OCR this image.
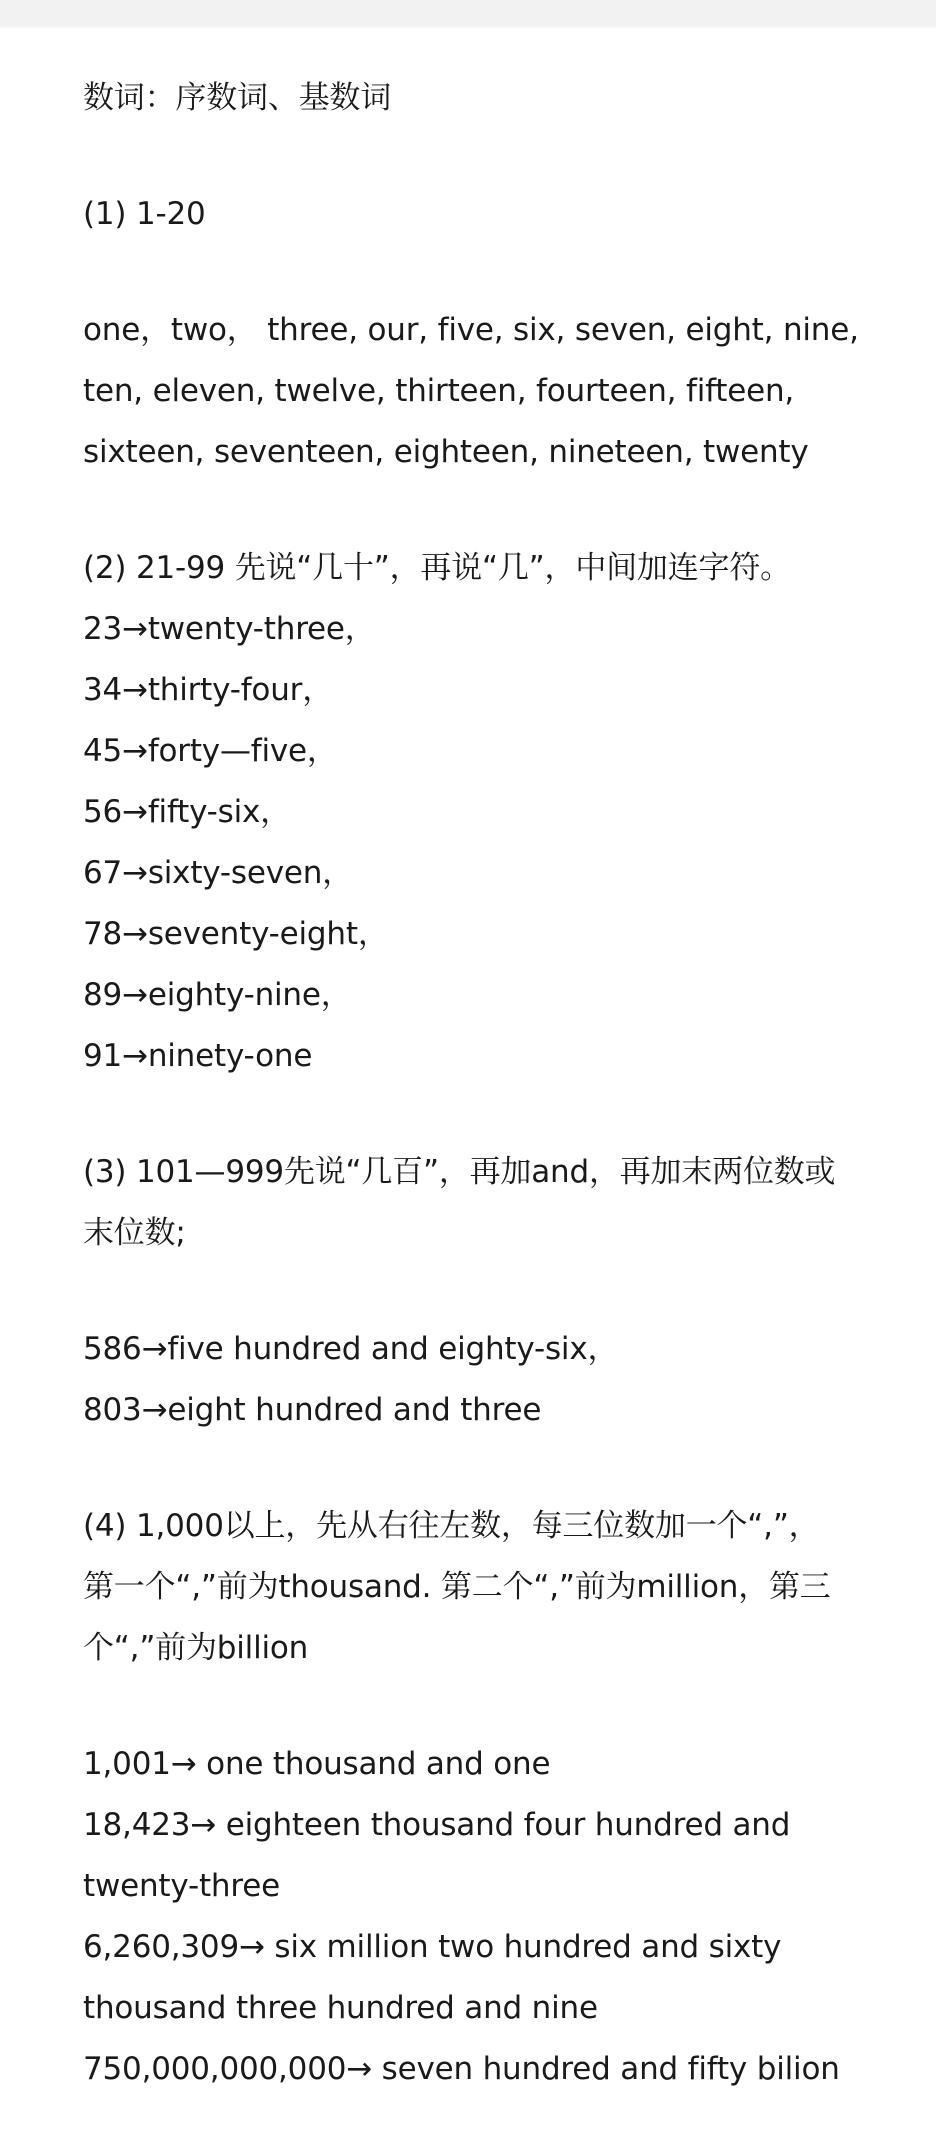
数词：序数词、基数词
(1) 1-20
one，two， three, our, five, six, seven, eight, nine,
ten, eleven, twelve, thirteen, fourteen, fifteen,
sixteen, seventeen, eighteen, nineteen, twenty
(2) 21-99 先说“几十”，再说“几”，中间加连字符。
23→twenty-three，
34→thirty-four，
45→forty—five，
56→fifty-six，
67→sixty-seven，
78→seventy-eight，
89→eighty-nine，
91→ninety-one
(3) 101—999先说“几百”，再加and，再加末两位数或
末位数;
586→five hundred and eighty-six，
803→eight hundred and three
(4) 1,000以上，先从右往左数，每三位数加一个“,”，
第一个“,”前为thousand. 第二个“,”前为million，第三
个“,”前为billion
1,001→ one thousand and one
18,423→ eighteen thousand four hundred and
twenty-three
6,260,309→ six million two hundred and sixty
thousand three hundred and nine
750,000,000,000→ seven hundred and fifty bilion
